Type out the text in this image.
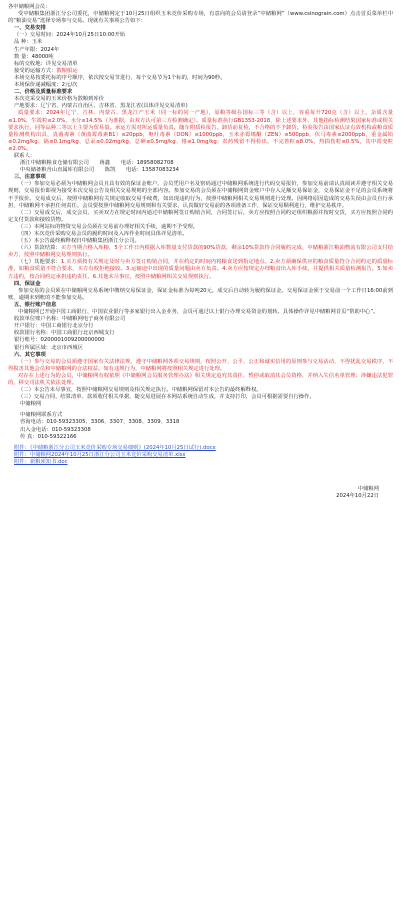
各中储粮网会员：

受中储粮集团浙江分公司委托，中储粮网定于10月25日组织玉米竞价采购专场，有意向的会员请登录“中储粮网”（www.csinograin.com）点击首页菜单栏中的“粮油交易”选择专场参与交易。现就有关事项公告如下：

一、交易安排

（一）交易时间：2024年10月25日10:00开始

品 种：玉米

生产年限：2024年

数 量：48000吨

标的交收地：详见交易清单

接受的运输方式：散粮船运

本场交易按委托标的序号顺序，依次按交易节进行，每个交易节为1个标的，时间为90秒。

本场保价递减幅度：2元/次

二、价格及质量标准要求

本次竞采交易的玉米价格为散粮到库价

产地要求：辽宁省、内蒙古自治区、吉林省、黑龙江省(具体详见交易清单)

质量要求：2024年辽宁、吉林、内蒙古、黑龙江产玉米（同一标的同一产地），原粮等级在国标三等（含）以上，容重每升720克（含）以上，杂质含量≤1.0%，生霉粒≤2.0%，水分≤14.5%（为准据，由双方认可第三方检测确定）。质量标准执行GB1353-2018，除上述要求外，其他指标检测结果国家标准或相关要求执行，同等品种二等以上主要为贸易量。承运方需对所运质量负责，随车附质检报告。卸货前复检，不合格的不予卸货。检验报告由国家认证有效机构或粮食质量检测机构出具，真菌毒素（黄曲霉毒素B1）≤20ppb，呕吐毒素（DON）≤1000ppb，玉米赤霉烯酮（ZEN）≤500ppb，伏马毒素≤2000ppb，重金属铅≤0.2mg/kg、镉≤0.1mg/kg、总汞≤0.02mg/kg、总砷≤0.5mg/kg、铬≤1.0mg/kg；农药残留不得检出。不完善粒≤8.0%，热损伤粒≤0.5%，其中霉变粒≤2.0%。

联系人：

浙江中储粮粮食仓储有限公司　　 蒋鑫　　 电话：18958082708

中央储备粮舟山直属库有限公司　　 陈凯　　 电话：13587083234

三、注意事项

（一）参加交易必须为中储粮网会员且具有效的保证金账户，会员凭用户名及密码通过中储粮网系统进行代码交易报价，参加交易前请认真阅读并遵守相关交易规则，交易报价即视为接受本次交易公告及相关交易规则的全部内容。参加交易的会员须在中储粮网资金账户中存入足额交易保证金，交易保证金不足的会员系统将不予报价。交易成交后，按照中储粮网有关规定收取交易手续费，如出现违约行为，按照中储粮网相关交易规则进行处理。因网络原因造成的交易失误由会员自行承担，中储粮网不承担任何责任。会员要按照中储粮网交易规则和有关要求，认真做好交易前的各项准备工作，保证交易顺利进行，维护交易秩序。

（二）交易成交后，成交会员、买卖双方在规定时间内通过中储粮网签订购销合同，合同签订后，卖方应按照合同约定组织粮源并按时交货，买方应按照合同约定支付货款和接收货物。

（三）本网站标的物资交易会员须在交易前办理好相关手续，逾期不予受理。

（四）本次竞价采购交易会员的履约时间及入库作业时间具体详见清单。

（五）本公告最终解释权归中储粮集团浙江分公司。

（六）货款结算：买方当期合格入库粮，5个工作日内根据入库数量支付货款的90%货款，剩余10%货款待合同履约完成，中储粮浙江粮油物流有限公司支付给卖方，按照中储粮网交易规则执行。

（七）其他要求：1.买方须按有关规定及时与卖方签订购销合同，并在约定的时间内将粮食送到指定地点。2.卖方须确保供应的粮食质量符合合同约定的质量标准，如粮食质量不符合要求，买方有权拒绝接收。3.运输途中出现的质量问题由卖方负责。4.卖方应按规定办理粮食出入库手续，并提供相关质量检测报告。5.如卖方违约，按合同约定承担违约责任。6.其他未尽事宜，按照中储粮网相关交易规则执行。

四、保证金

参加交易的会员须在中储粮网交易系统中缴纳交易保证金，保证金标准为每吨20元，成交后自动转为履约保证金。交易保证金须于交易前一个工作日16:00前到账，逾期未到账的不能参加交易。

五、银行账户信息

中储粮网已开通中国工商银行、中国农业银行等多家银行出入金业务，会员可通过以上银行办理交易资金的划转。具体操作详见中储粮网首页“帮助中心”。

收款单位账户名称：中储粮网电子商务有限公司

开户银行：中国工商银行北京分行

收款银行名称：中国工商银行北京西城支行

银行账号：0200001009200000000

银行所属区域：北京市西城区

六、其它事项

（一）参与交易的会员须遵守国家有关法律法规，遵守中储粮网各项交易规则，按照公开、公平、公正和诚实信用的原则参与交易活动，不得扰乱交易秩序，不得损害其他会员和中储粮网的合法权益。如有违规行为，中储粮网将按照相关规定进行处理。

对存在上述行为的会员，中储粮网有权依照《中储粮网会员服务管理办法》相关规定追究其责任，暂停或取消其会员资格，并纳入失信名单管理；涉嫌违法犯罪的，移交司法机关依法处理。

（二）本公告未尽事宜，按照中储粮网交易规则及相关规定执行。中储粮网保留对本公告的最终解释权。

（三）交易合同、结算清单、款项收付相关单据，随交易进展在本网站系统自动生成，并支持打印，会员可根据需要自行操作。

中储粮网

中储粮网联系方式

咨询电话：010-59323305、3306、3307、3308、3309、3318

出入金电话：010-59323308

传 真：010-59322166

附件：《中储粮浙江分公司玉米竞价采购专场交易细则》(2024年10月25日试行).docx

附件：中储粮网2024年10月25日浙江分公司玉米竞价采购交易清单.xlsx

附件：新粮须知书.doc

中储粮网

2024年10月22日
